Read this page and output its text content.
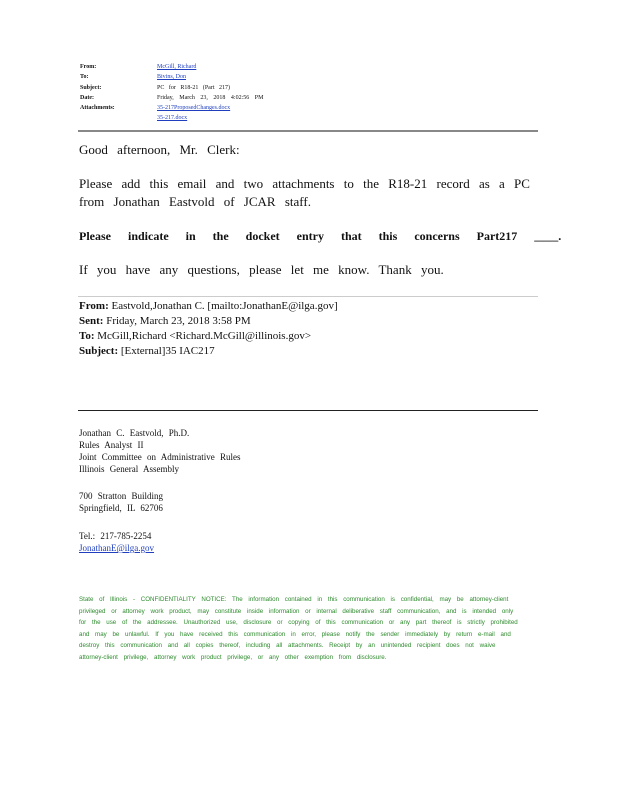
From:	McGill, Richard
To:	Bivins, Don
Subject:	PC for R18-21 (Part 217)
Date:	Friday, March 23, 2018 4:02:56 PM
Attachments:	35-217ProposedChanges.docx
35-217.docx
Good afternoon, Mr. Clerk:
Please add this email and two attachments to the R18-21 record as a PC
from Jonathan Eastvold of JCAR staff.
Please indicate in the docket entry that this concerns Part217 ____.
If you have any questions, please let me know. Thank you.
From: Eastvold,Jonathan C. [mailto:JonathanE@ilga.gov]
Sent: Friday, March 23, 2018 3:58 PM
To: McGill,Richard <Richard.McGill@illinois.gov>
Subject: [External]35 IAC217
Jonathan C. Eastvold, Ph.D.
Rules Analyst II
Joint Committee on Administrative Rules
Illinois General Assembly
700 Stratton Building
Springfield, IL 62706
Tel.: 217-785-2254
JonathanE@ilga.gov
State of Illinois - CONFIDENTIALITY NOTICE: The information contained in this communication is confidential, may be attorney-client privileged or attorney work product, may constitute inside information or internal deliberative staff communication, and is intended only for the use of the addressee. Unauthorized use, disclosure or copying of this communication or any part thereof is strictly prohibited and may be unlawful. If you have received this communication in error, please notify the sender immediately by return e-mail and destroy this communication and all copies thereof, including all attachments. Receipt by an unintended recipient does not waive attorney-client privilege, attorney work product privilege, or any other exemption from disclosure.
